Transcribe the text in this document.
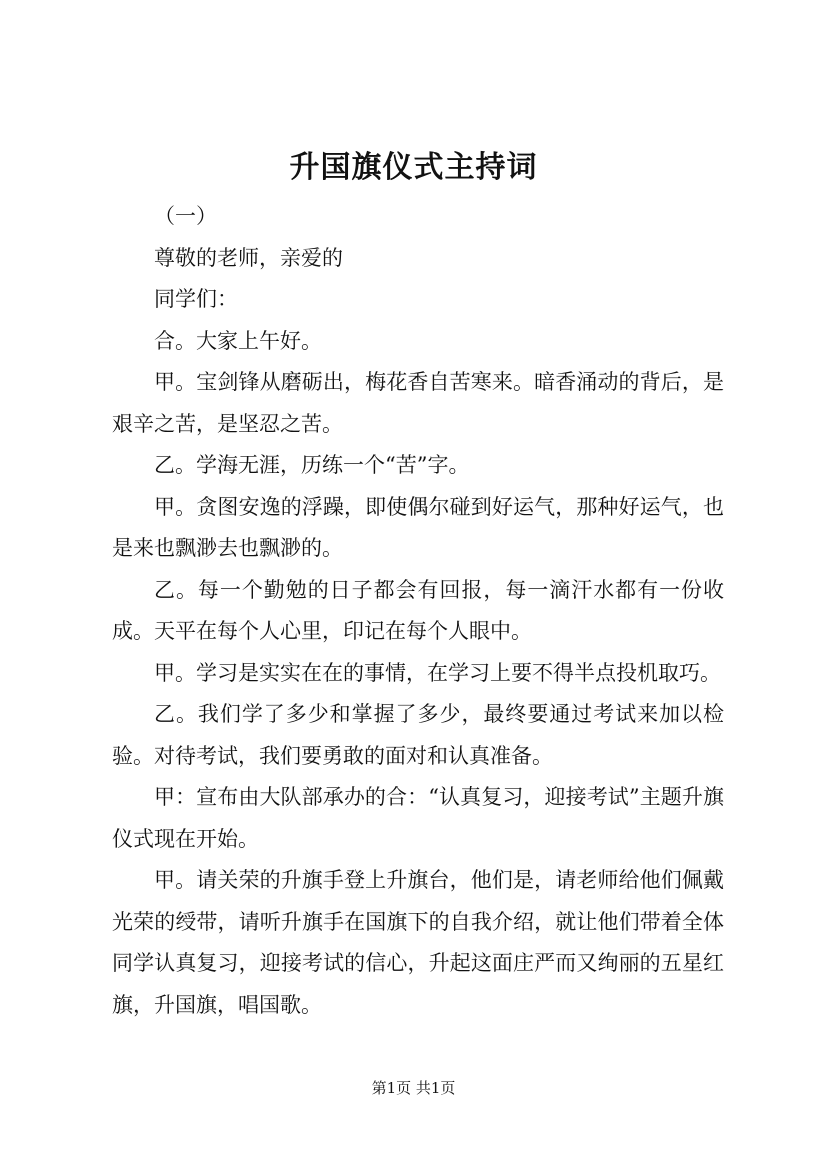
升国旗仪式主持词

（一）

尊敬的老师，亲爱的

同学们：

合。大家上午好。

甲。宝剑锋从磨砺出，梅花香自苦寒来。暗香涌动的背后，是艰辛之苦，是坚忍之苦。

乙。学海无涯，历练一个“苦”字。

甲。贪图安逸的浮躁，即使偶尔碰到好运气，那种好运气，也是来也飘渺去也飘渺的。

乙。每一个勤勉的日子都会有回报，每一滴汗水都有一份收成。天平在每个人心里，印记在每个人眼中。

甲。学习是实实在在的事情，在学习上要不得半点投机取巧。

乙。我们学了多少和掌握了多少，最终要通过考试来加以检验。对待考试，我们要勇敢的面对和认真准备。

甲：宣布由大队部承办的合：“认真复习，迎接考试”主题升旗仪式现在开始。

甲。请关荣的升旗手登上升旗台，他们是，请老师给他们佩戴光荣的绶带，请听升旗手在国旗下的自我介绍，就让他们带着全体同学认真复习，迎接考试的信心，升起这面庄严而又绚丽的五星红旗，升国旗，唱国歌。

第1页 共1页
